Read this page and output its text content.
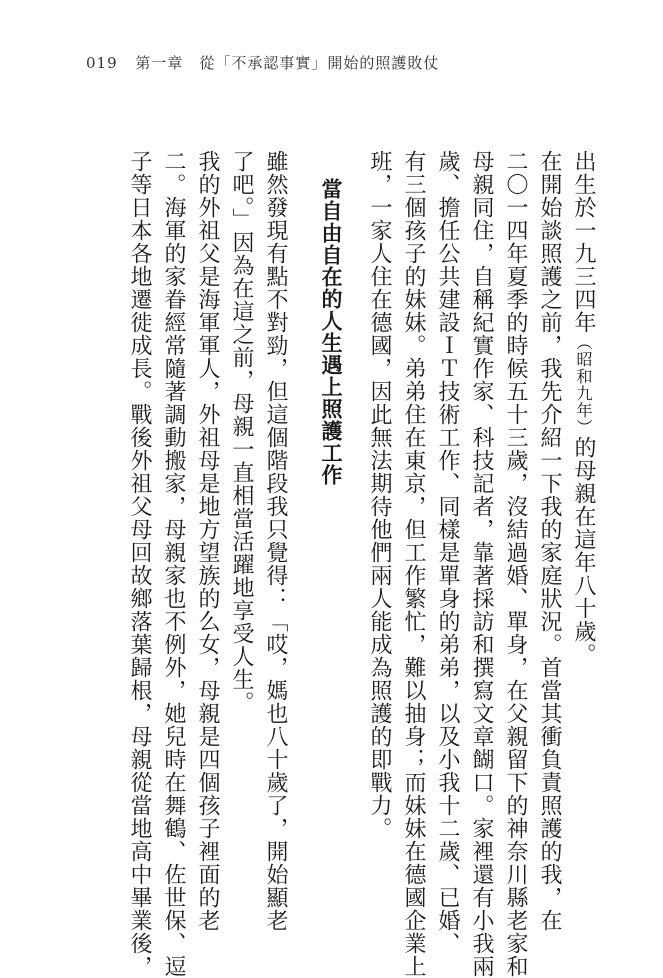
019 第一章　從「不承認事實」開始的照護敗仗
出生於一九三四年（昭和九年）的母親在這年八十歲。
在開始談照護之前，我先介紹一下我的家庭狀況。首當其衝負責照護的我，在
二〇一四年夏季的時候五十三歲，沒結過婚、單身，在父親留下的神奈川縣老家和
母親同住，自稱紀實作家、科技記者，靠著採訪和撰寫文章餬口。家裡還有小我兩
歲、擔任公共建設ＩＴ技術工作、同樣是單身的弟弟，以及小我十二歲、已婚、
有三個孩子的妹妹。弟弟住在東京，但工作繁忙，難以抽身；而妹妹在德國企業上
班，一家人住在德國，因此無法期待他們兩人能成為照護的即戰力。
當自由自在的人生遇上照護工作
雖然發現有點不對勁，但這個階段我只覺得：「哎，媽也八十歲了，開始顯老
了吧。」因為在這之前，母親一直相當活躍地享受人生。
我的外祖父是海軍軍人，外祖母是地方望族的么女，母親是四個孩子裡面的老
二。海軍的家眷經常隨著調動搬家，母親家也不例外，她兒時在舞鶴、佐世保、逗
子等日本各地遷徙成長。戰後外祖父母回故鄉落葉歸根，母親從當地高中畢業後，
